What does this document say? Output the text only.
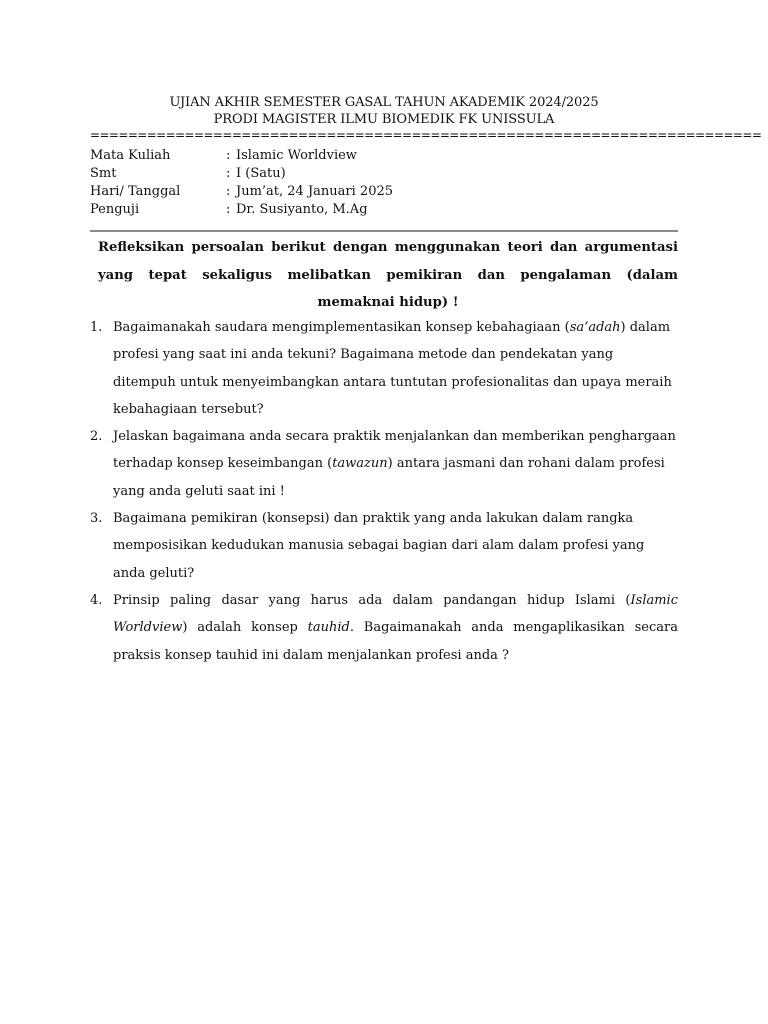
UJIAN AKHIR SEMESTER GASAL TAHUN AKADEMIK 2024/2025
PRODI MAGISTER ILMU BIOMEDIK FK UNISSULA
=======================================================================
Mata Kuliah	: Islamic Worldview
Smt	: I (Satu)
Hari/ Tanggal	: Jum’at, 24 Januari 2025
Penguji	: Dr. Susiyanto, M.Ag
Refleksikan persoalan berikut dengan menggunakan teori dan argumentasi yang tepat sekaligus melibatkan pemikiran dan pengalaman (dalam memaknai hidup) !
1. Bagaimanakah saudara mengimplementasikan konsep kebahagiaan (sa’adah) dalam profesi yang saat ini anda tekuni? Bagaimana metode dan pendekatan yang ditempuh untuk menyeimbangkan antara tuntutan profesionalitas dan upaya meraih kebahagiaan tersebut?
2. Jelaskan bagaimana anda secara praktik menjalankan dan memberikan penghargaan terhadap konsep keseimbangan (tawazun) antara jasmani dan rohani dalam profesi yang anda geluti saat ini !
3. Bagaimana pemikiran (konsepsi) dan praktik yang anda lakukan dalam rangka memposisikan kedudukan manusia sebagai bagian dari alam dalam profesi yang anda geluti?
4. Prinsip paling dasar yang harus ada dalam pandangan hidup Islami (Islamic Worldview) adalah konsep tauhid. Bagaimanakah anda mengaplikasikan secara praksis konsep tauhid ini dalam menjalankan profesi anda ?
